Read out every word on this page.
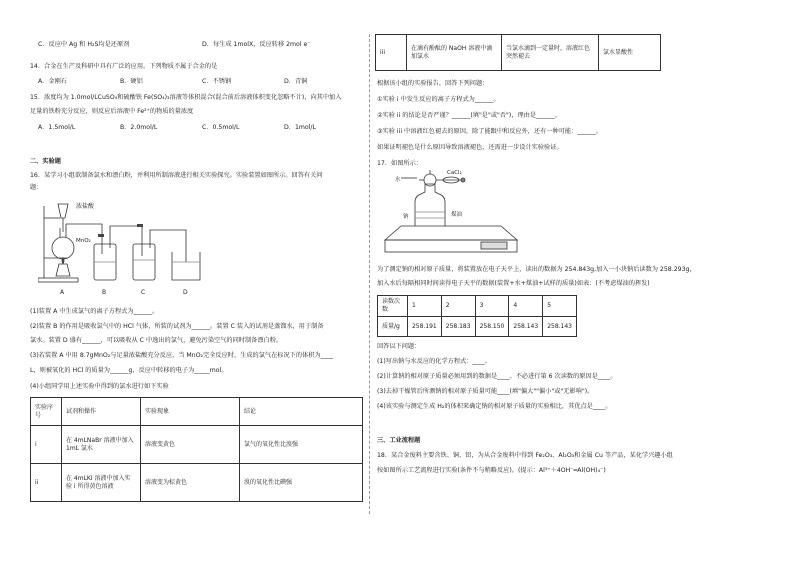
C．反应中 Ag 和 H₂S均是还原剂	D．每生成 1molX，反应转移 2mol e⁻
14．合金在生产及科研中具有广泛的应用。下列物质不属于合金的是
A．金刚石	B．硬铝	C．不锈钢	D．青铜
15．浓度均为 1.0mol/LCuSO₄和硫酸铁 Fe(SO₄)₃溶液等体积混合(混合前后溶液体积变化忽略不计)，向其中加入
足量的铁粉充分反应，则反应后溶液中 Fe²⁺的物质的量浓度
A．1.5mol/L	B．2.0mol/L	C．0.5mol/L	D．1mol/L
二、实验题
16．某学习小组欲制备氯水和漂白粉，并利用所制溶液进行相关实验探究。实验装置如图所示。回答有关问
题：
浓盐酸
MnO₂
A	B	C	D
(1)装置 A 中生成氯气的离子方程式为______。
(2)装置 B 的作用是吸收氯气中的 HCl 气体，所装的试剂为______。装置 C 装入的试剂是蒸馏水，用于制备
氯水。装置 D 盛有______，可以吸收从 C 中逸出的氯气，避免污染空气的同时制备漂白粉。
(3)若装置 A 中用 8.7gMnO₂与足量浓盐酸充分反应，当 MnO₂完全反应时，生成的氯气在标况下的体积为____
L，则被氧化的 HCl 的质量为______g，反应中转移的电子为_____mol。
(4)小组同学用上述实验中得到的氯水进行如下实验
实验序号	试剂和操作	实验现象	结论
i	在 4mLNaBr 溶液中加入 1mL 氯水	溶液变黄色	氯气的氧化性比溴强
ii	在 4mLKI 溶液中加入实验 i 所得黄色溶液	溶液变为棕黄色	溴的氧化性比碘强
iii	在滴有酚酞的 NaOH 溶液中滴加氯水	当氯水滴到一定量时，溶液红色突然褪去	氯水显酸性
根据该小组的实验报告，回答下列问题：
①实验 i 中发生反应的离子方程式为______。
②实验 ii 的结论是否严谨？______(填"是"或"否")，理由是______。
③实验 iii 中溶液红色褪去的原因，除了能跟中和反应外，还有一种可能：______。
如果证明褪色是什么原因导致溶液褪色，还需进一步设计实验验证。
17．如图所示：
CaCl₂
水
钠	煤油
为了测定钠的相对原子质量，将装置放在电子天平上，读出的数据为 254.843g,加入一小块钠后读数为 258.293g，
加入水后每隔相同时间读得电子天平的数据(装置+水+煤油+试样的质量)如表：(不考虑煤油的挥发)
读数次数	1	2	3	4	5
质量/g	258.191	258.183	258.150	258.143	258.143
回答以下问题：
(1)写出钠与水反应的化学方程式：____。
(2)计算钠的相对原子质量必须用到的数据是____。不必进行第 6 次读数的原因是____。
(3)去掉干燥管后所测钠的相对原子质量可能____(填"偏大""偏小"或"无影响")。
(4)该实验与测定生成 H₂的体积来确定钠的相对原子质量的实验相比，其优点是____。
三、工业流程题
18．某合金废料主要含铁、铜、铝，为从合金废料中得到 Fe₂O₃、Al₂O₃和金属 Cu 等产品，某化学兴趣小组
按如图所示工艺流程进行实验(条件不与稍略反应)。(提示：Al³⁺＋4OH⁻═Al(OH)₄⁻)
